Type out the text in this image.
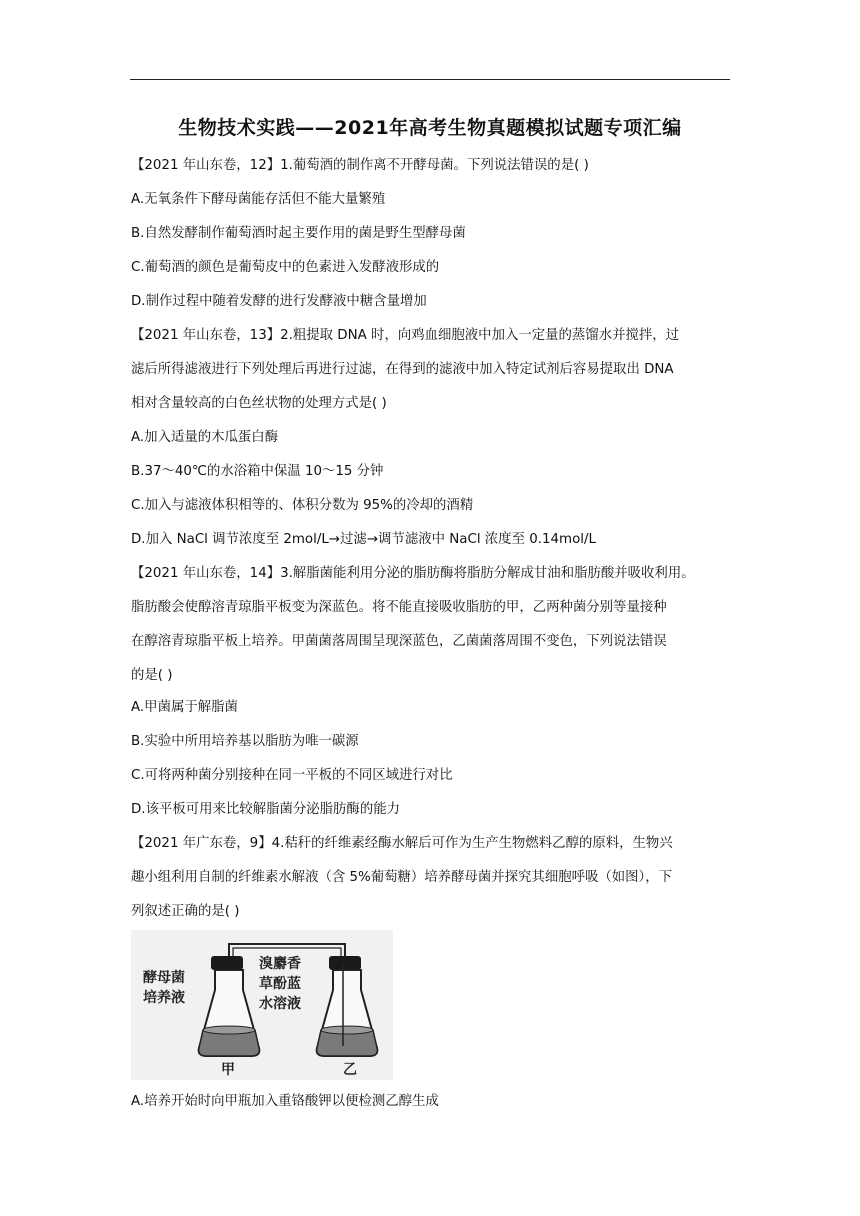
生物技术实践——2021年高考生物真题模拟试题专项汇编
【2021 年山东卷，12】1.葡萄酒的制作离不开酵母菌。下列说法错误的是( )
A.无氧条件下酵母菌能存活但不能大量繁殖
B.自然发酵制作葡萄酒时起主要作用的菌是野生型酵母菌
C.葡萄酒的颜色是葡萄皮中的色素进入发酵液形成的
D.制作过程中随着发酵的进行发酵液中糖含量增加
【2021 年山东卷，13】2.粗提取 DNA 时，向鸡血细胞液中加入一定量的蒸馏水并搅拌，过
滤后所得滤液进行下列处理后再进行过滤，在得到的滤液中加入特定试剂后容易提取出 DNA
相对含量较高的白色丝状物的处理方式是( )
A.加入适量的木瓜蛋白酶
B.37～40℃的水浴箱中保温 10～15 分钟
C.加入与滤液体积相等的、体积分数为 95%的冷却的酒精
D.加入 NaCl 调节浓度至 2mol/L→过滤→调节滤液中 NaCl 浓度至 0.14mol/L
【2021 年山东卷，14】3.解脂菌能利用分泌的脂肪酶将脂肪分解成甘油和脂肪酸并吸收利用。
脂肪酸会使醇溶青琼脂平板变为深蓝色。将不能直接吸收脂肪的甲，乙两种菌分别等量接种
在醇溶青琼脂平板上培养。甲菌菌落周围呈现深蓝色，乙菌菌落周围不变色，下列说法错误
的是( )
A.甲菌属于解脂菌
B.实验中所用培养基以脂肪为唯一碳源
C.可将两种菌分别接种在同一平板的不同区域进行对比
D.该平板可用来比较解脂菌分泌脂肪酶的能力
【2021 年广东卷，9】4.秸秆的纤维素经酶水解后可作为生产生物燃料乙醇的原料，生物兴
趣小组利用自制的纤维素水解液（含 5%葡萄糖）培养酵母菌并探究其细胞呼吸（如图），下
列叙述正确的是( )
酵母菌
培养液
溴麝香
草酚蓝
水溶液
甲	乙
A.培养开始时向甲瓶加入重铬酸钾以便检测乙醇生成
